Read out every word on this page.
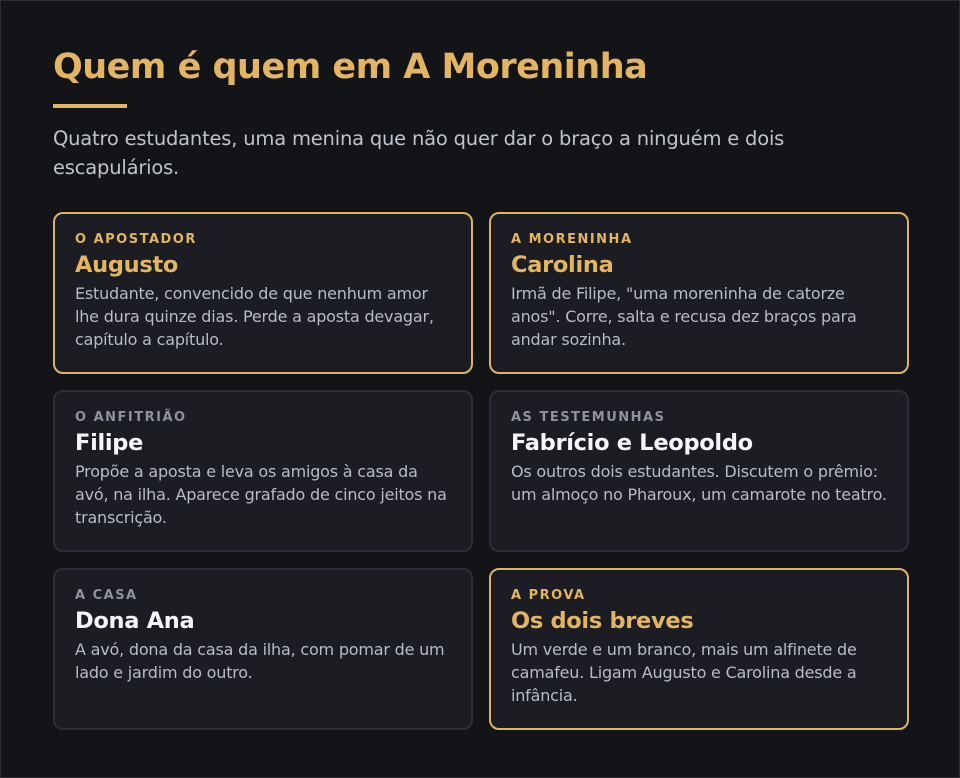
Quem é quem em A Moreninha

Quatro estudantes, uma menina que não quer dar o braço a ninguém e dois escapulários.

O APOSTADOR
Augusto
Estudante, convencido de que nenhum amor lhe dura quinze dias. Perde a aposta devagar, capítulo a capítulo.
A MORENINHA
Carolina
Irmã de Filipe, "uma moreninha de catorze anos". Corre, salta e recusa dez braços para andar sozinha.
O ANFITRIÃO
Filipe
Propõe a aposta e leva os amigos à casa da avó, na ilha. Aparece grafado de cinco jeitos na transcrição.
AS TESTEMUNHAS
Fabrício e Leopoldo
Os outros dois estudantes. Discutem o prêmio: um almoço no Pharoux, um camarote no teatro.
A CASA
Dona Ana
A avó, dona da casa da ilha, com pomar de um lado e jardim do outro.
A PROVA
Os dois breves
Um verde e um branco, mais um alfinete de camafeu. Ligam Augusto e Carolina desde a infância.
